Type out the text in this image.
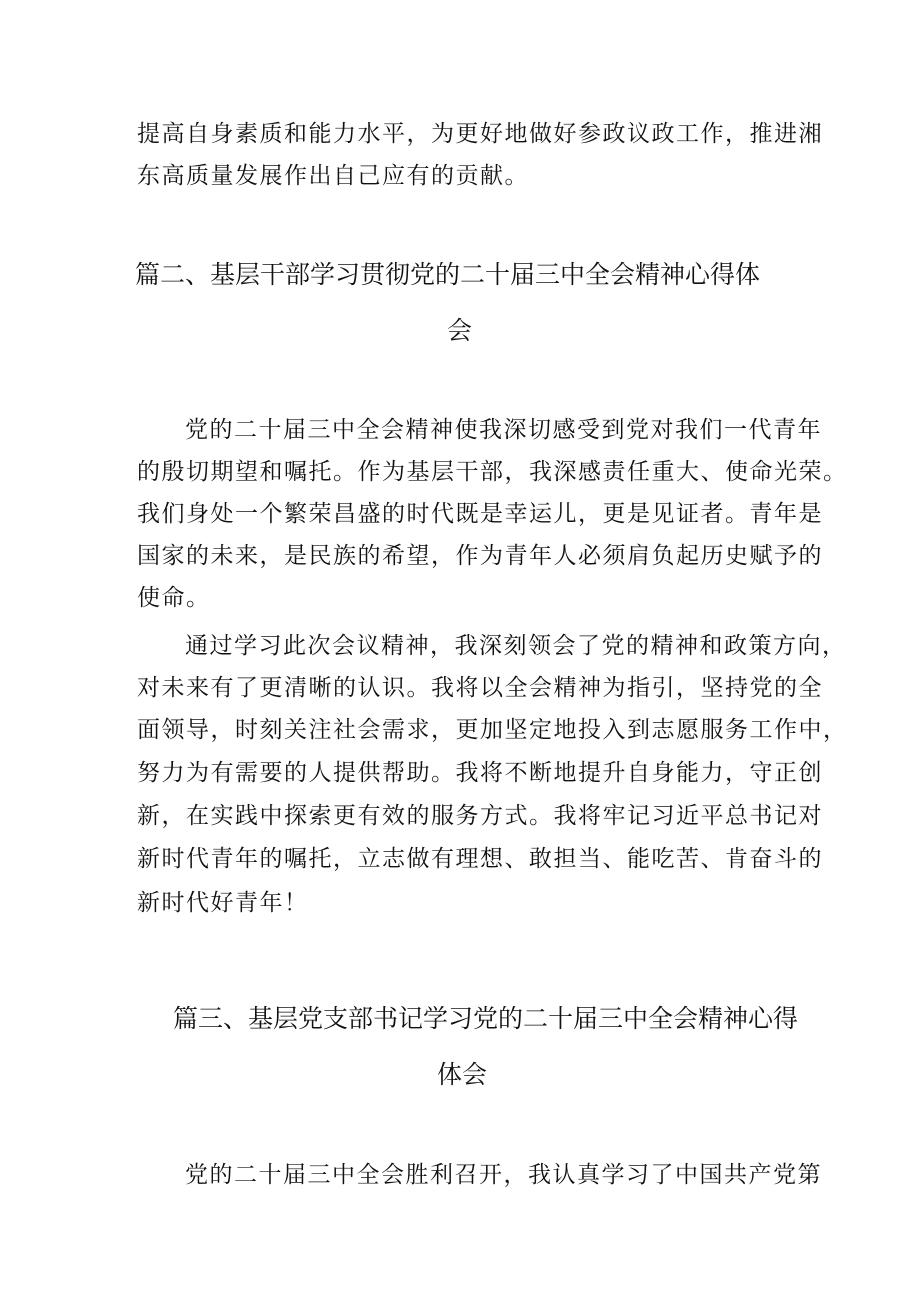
提高自身素质和能力水平，为更好地做好参政议政工作，推进湘
东高质量发展作出自己应有的贡献。
篇二、基层干部学习贯彻党的二十届三中全会精神心得体
会
党的二十届三中全会精神使我深切感受到党对我们一代青年
的殷切期望和嘱托。作为基层干部，我深感责任重大、使命光荣。
我们身处一个繁荣昌盛的时代既是幸运儿，更是见证者。青年是
国家的未来，是民族的希望，作为青年人必须肩负起历史赋予的
使命。
通过学习此次会议精神，我深刻领会了党的精神和政策方向，
对未来有了更清晰的认识。我将以全会精神为指引，坚持党的全
面领导，时刻关注社会需求，更加坚定地投入到志愿服务工作中，
努力为有需要的人提供帮助。我将不断地提升自身能力，守正创
新，在实践中探索更有效的服务方式。我将牢记习近平总书记对
新时代青年的嘱托，立志做有理想、敢担当、能吃苦、肯奋斗的
新时代好青年！
篇三、基层党支部书记学习党的二十届三中全会精神心得
体会
党的二十届三中全会胜利召开，我认真学习了中国共产党第
